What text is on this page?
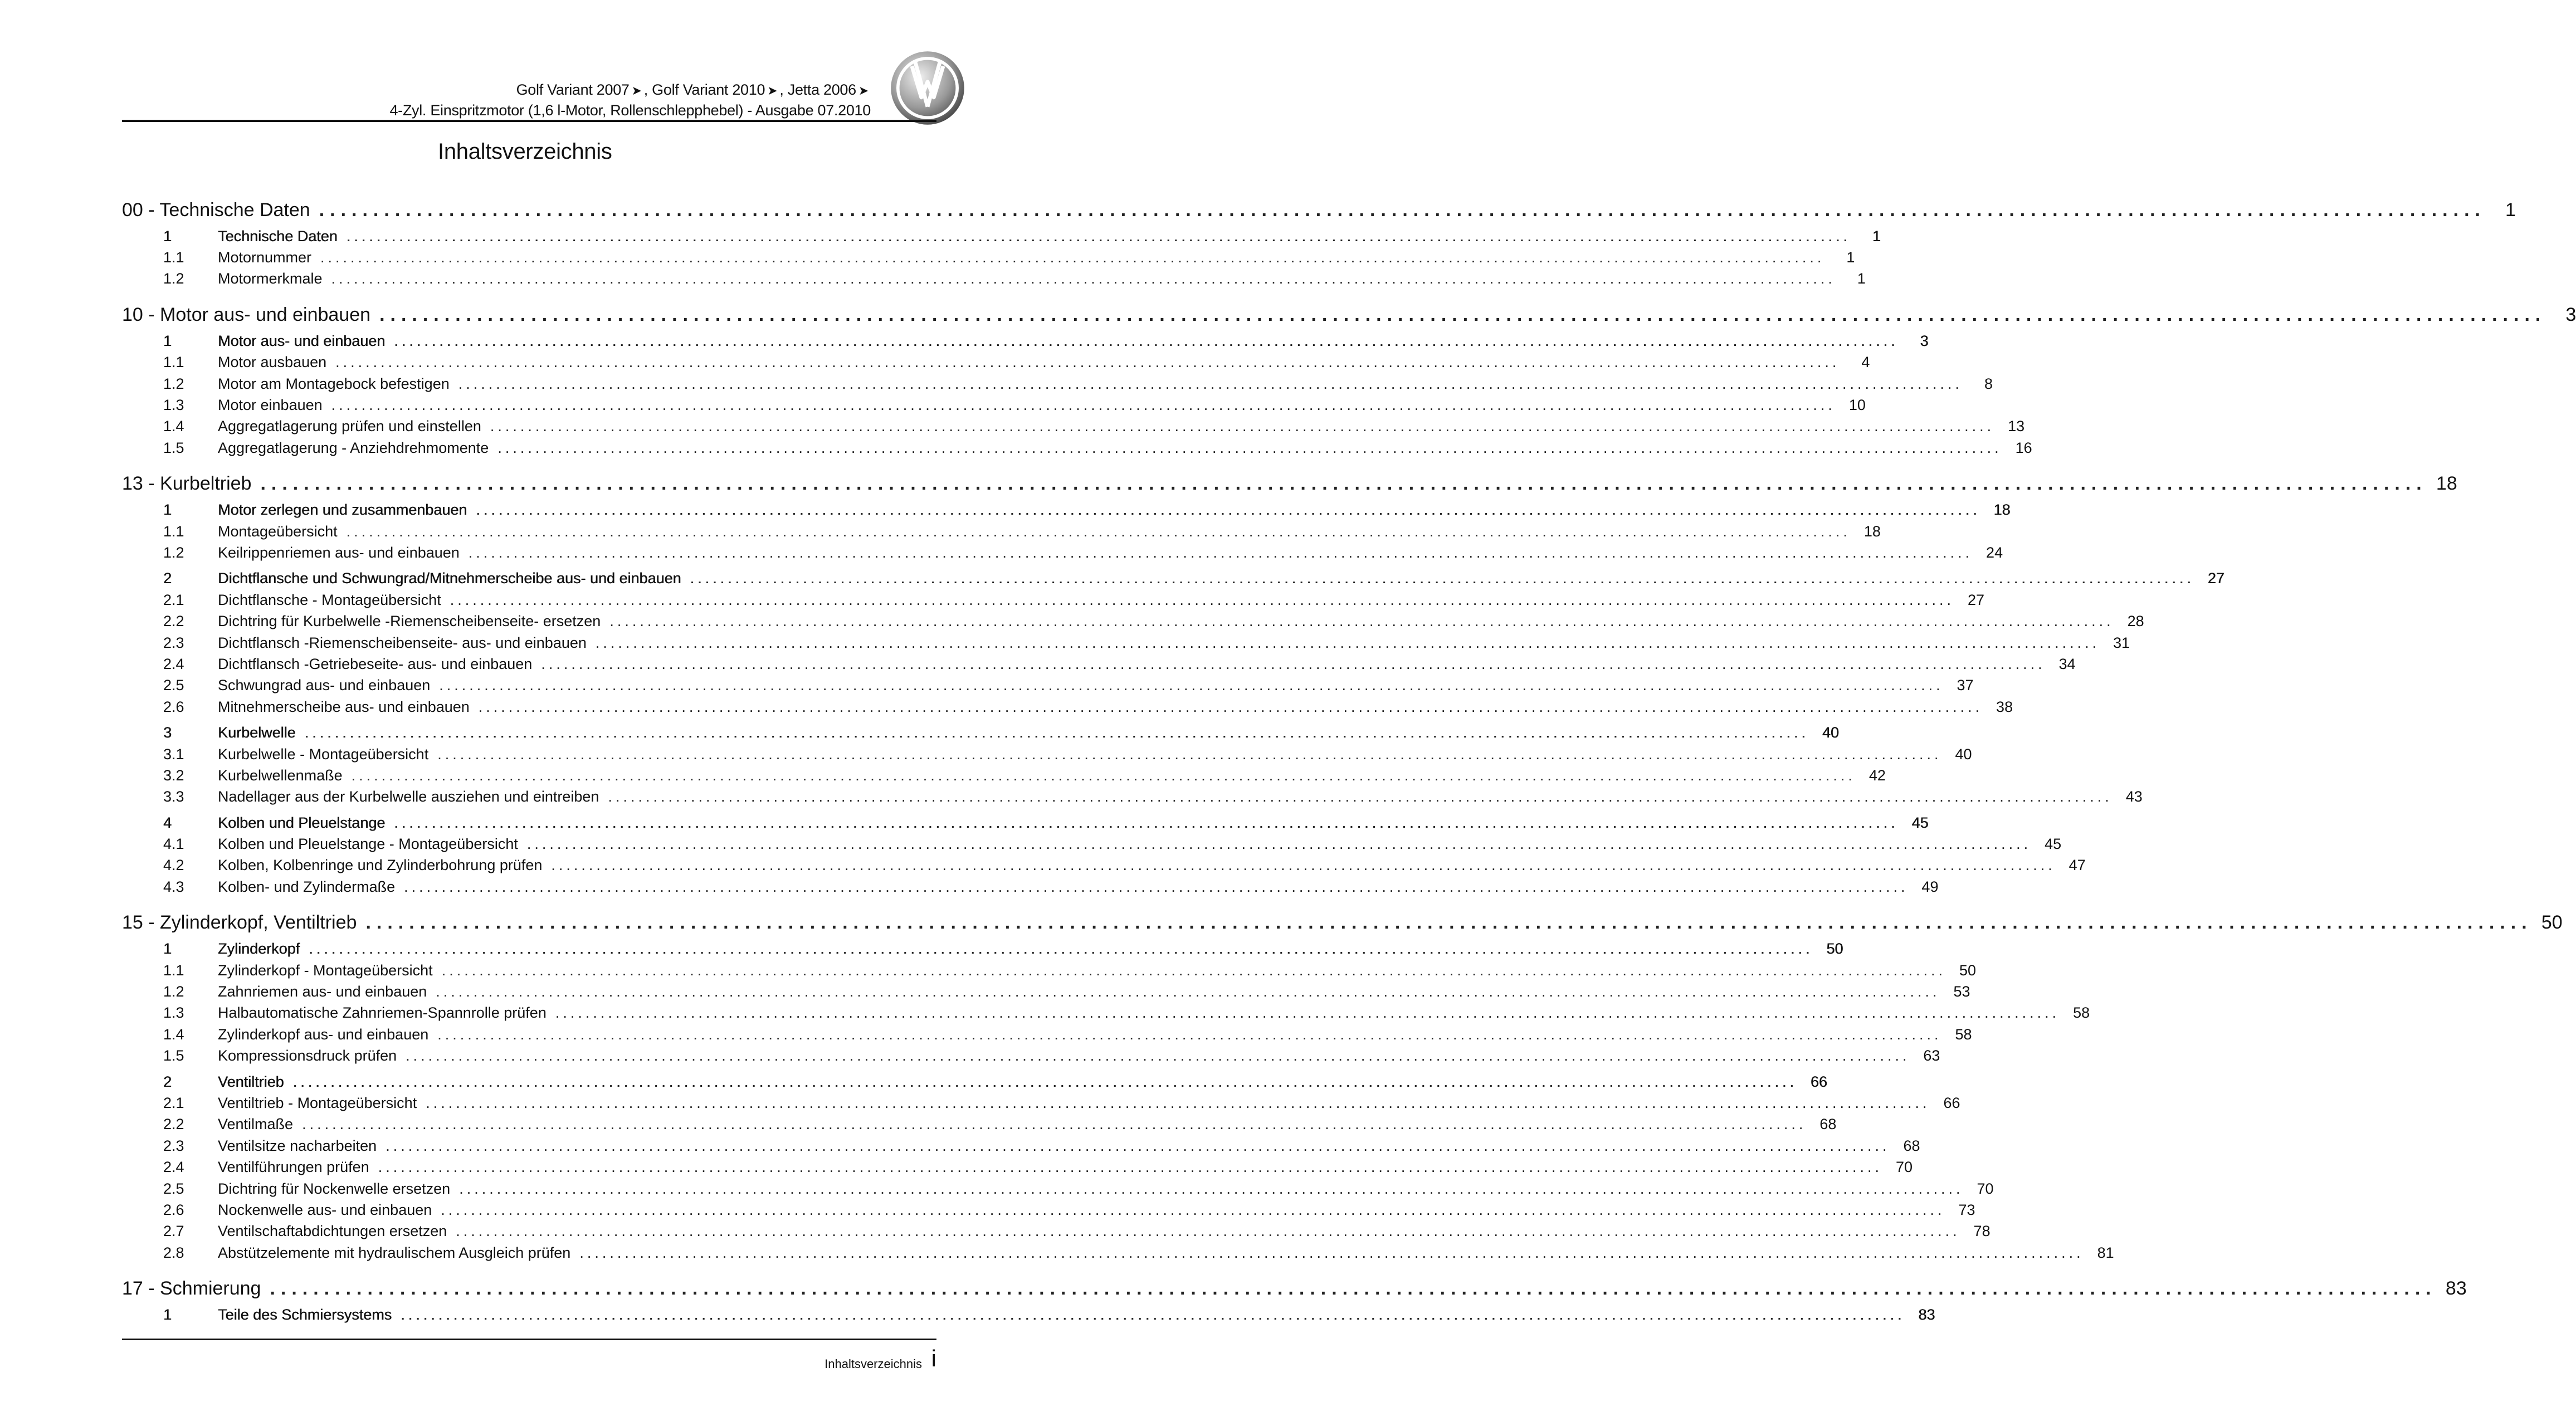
Golf Variant 2007 ➤ , Golf Variant 2010 ➤ , Jetta 2006 ➤
4-Zyl. Einspritzmotor (1,6 l-Motor, Rollenschlepphebel) - Ausgabe 07.2010
Inhaltsverzeichnis
00 - Technische Daten ........................................................................................................................................................................................................	1
1	Technische Daten ........................................................................................................................................................................................................	1
1.1	Motornummer ........................................................................................................................................................................................................	1
1.2	Motormerkmale ........................................................................................................................................................................................................	1
10 - Motor aus- und einbauen ........................................................................................................................................................................................................	3
1	Motor aus- und einbauen ........................................................................................................................................................................................................	3
1.1	Motor ausbauen ........................................................................................................................................................................................................	4
1.2	Motor am Montagebock befestigen ........................................................................................................................................................................................................	8
1.3	Motor einbauen ........................................................................................................................................................................................................ 10
1.4	Aggregatlagerung prüfen und einstellen ........................................................................................................................................................................................................ 13
1.5	Aggregatlagerung - Anziehdrehmomente ........................................................................................................................................................................................................ 16
13 - Kurbeltrieb ........................................................................................................................................................................................................ 18
1	Motor zerlegen und zusammenbauen ........................................................................................................................................................................................................ 18
1.1	Montageübersicht ........................................................................................................................................................................................................ 18
1.2	Keilrippenriemen aus- und einbauen ........................................................................................................................................................................................................ 24
2	Dichtflansche und Schwungrad/Mitnehmerscheibe aus- und einbauen ........................................................................................................................................................................................................ 27
2.1	Dichtflansche - Montageübersicht ........................................................................................................................................................................................................ 27
2.2	Dichtring für Kurbelwelle -Riemenscheibenseite- ersetzen ........................................................................................................................................................................................................ 28
2.3	Dichtflansch -Riemenscheibenseite- aus- und einbauen ........................................................................................................................................................................................................ 31
2.4	Dichtflansch -Getriebeseite- aus- und einbauen ........................................................................................................................................................................................................ 34
2.5	Schwungrad aus- und einbauen ........................................................................................................................................................................................................ 37
2.6	Mitnehmerscheibe aus- und einbauen ........................................................................................................................................................................................................ 38
3	Kurbelwelle ........................................................................................................................................................................................................ 40
3.1	Kurbelwelle - Montageübersicht ........................................................................................................................................................................................................ 40
3.2	Kurbelwellenmaße ........................................................................................................................................................................................................ 42
3.3	Nadellager aus der Kurbelwelle ausziehen und eintreiben ........................................................................................................................................................................................................ 43
4	Kolben und Pleuelstange ........................................................................................................................................................................................................ 45
4.1	Kolben und Pleuelstange - Montageübersicht ........................................................................................................................................................................................................ 45
4.2	Kolben, Kolbenringe und Zylinderbohrung prüfen ........................................................................................................................................................................................................ 47
4.3	Kolben- und Zylindermaße ........................................................................................................................................................................................................ 49
15 - Zylinderkopf, Ventiltrieb ........................................................................................................................................................................................................ 50
1	Zylinderkopf ........................................................................................................................................................................................................ 50
1.1	Zylinderkopf - Montageübersicht ........................................................................................................................................................................................................ 50
1.2	Zahnriemen aus- und einbauen ........................................................................................................................................................................................................ 53
1.3	Halbautomatische Zahnriemen-Spannrolle prüfen ........................................................................................................................................................................................................ 58
1.4	Zylinderkopf aus- und einbauen ........................................................................................................................................................................................................ 58
1.5	Kompressionsdruck prüfen ........................................................................................................................................................................................................ 63
2	Ventiltrieb ........................................................................................................................................................................................................ 66
2.1	Ventiltrieb - Montageübersicht ........................................................................................................................................................................................................ 66
2.2	Ventilmaße ........................................................................................................................................................................................................ 68
2.3	Ventilsitze nacharbeiten ........................................................................................................................................................................................................ 68
2.4	Ventilführungen prüfen ........................................................................................................................................................................................................ 70
2.5	Dichtring für Nockenwelle ersetzen ........................................................................................................................................................................................................ 70
2.6	Nockenwelle aus- und einbauen ........................................................................................................................................................................................................ 73
2.7	Ventilschaftabdichtungen ersetzen ........................................................................................................................................................................................................ 78
2.8	Abstützelemente mit hydraulischem Ausgleich prüfen ........................................................................................................................................................................................................ 81
17 - Schmierung ........................................................................................................................................................................................................ 83
1	Teile des Schmiersystems ........................................................................................................................................................................................................ 83
Inhaltsverzeichnis i
